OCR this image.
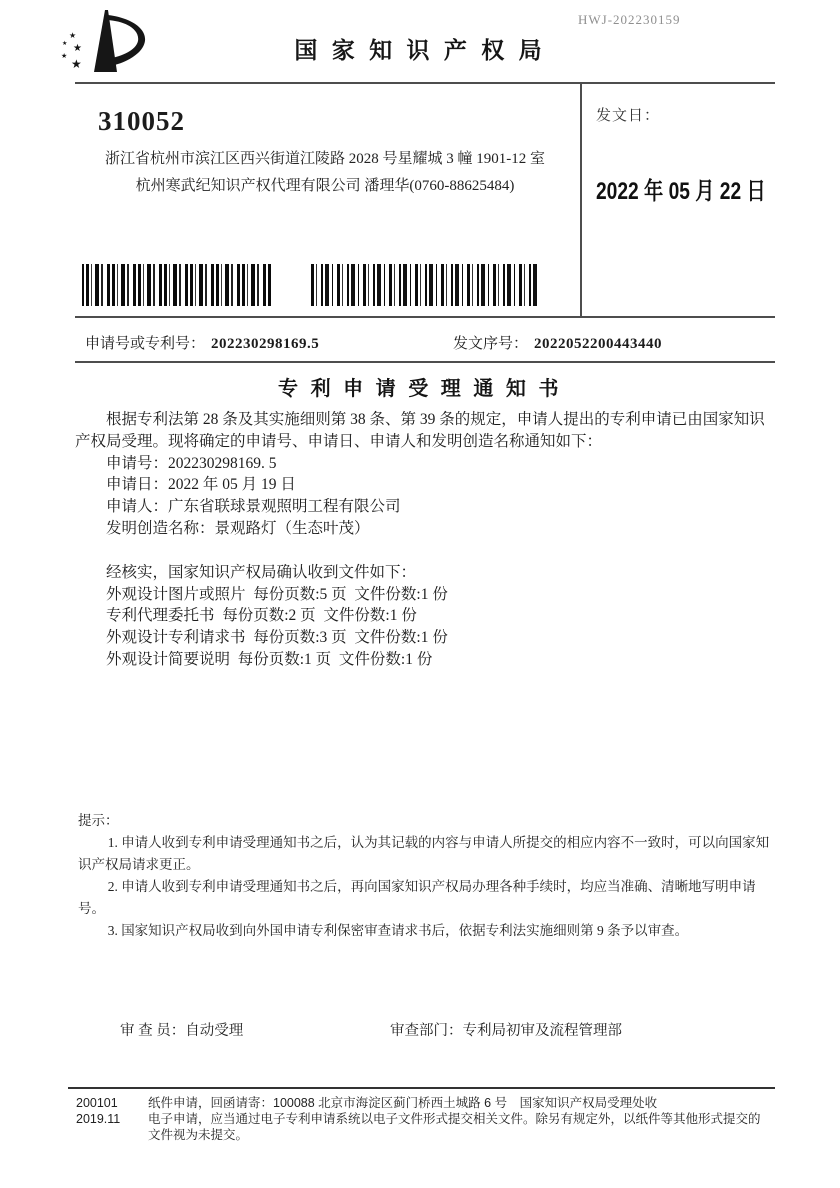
HWJ-202230159
★
★ ★
★
★
国 家 知 识 产 权 局
310052
浙江省杭州市滨江区西兴街道江陵路 2028 号星耀城 3 幢 1901-12 室
杭州寒武纪知识产权代理有限公司 潘理华(0760-88625484)
发文日：
2022 年 05 月 22 日
申请号或专利号： 202230298169.5	发文序号： 2022052200443440
专 利 申 请 受 理 通 知 书

根据专利法第 28 条及其实施细则第 38 条、第 39 条的规定，申请人提出的专利申请已由国家知识产权局受理。现将确定的申请号、申请日、申请人和发明创造名称通知如下：

申请号：202230298169. 5

申请日：2022 年 05 月 19 日

申请人：广东省联球景观照明工程有限公司

发明创造名称：景观路灯（生态叶茂）

经核实，国家知识产权局确认收到文件如下：

外观设计图片或照片  每份页数:5 页  文件份数:1 份

专利代理委托书  每份页数:2 页  文件份数:1 份

外观设计专利请求书  每份页数:3 页  文件份数:1 份

外观设计简要说明  每份页数:1 页  文件份数:1 份

提示：

1. 申请人收到专利申请受理通知书之后，认为其记载的内容与申请人所提交的相应内容不一致时，可以向国家知识产权局请求更正。

2. 申请人收到专利申请受理通知书之后，再向国家知识产权局办理各种手续时，均应当准确、清晰地写明申请号。

3. 国家知识产权局收到向外国申请专利保密审查请求书后，依据专利法实施细则第 9 条予以审查。

审 查 员：自动受理	审查部门：专利局初审及流程管理部
200101
2019.11

纸件申请，回函请寄：100088 北京市海淀区蓟门桥西土城路 6 号　国家知识产权局受理处收

电子申请，应当通过电子专利申请系统以电子文件形式提交相关文件。除另有规定外，以纸件等其他形式提交的文件视为未提交。
